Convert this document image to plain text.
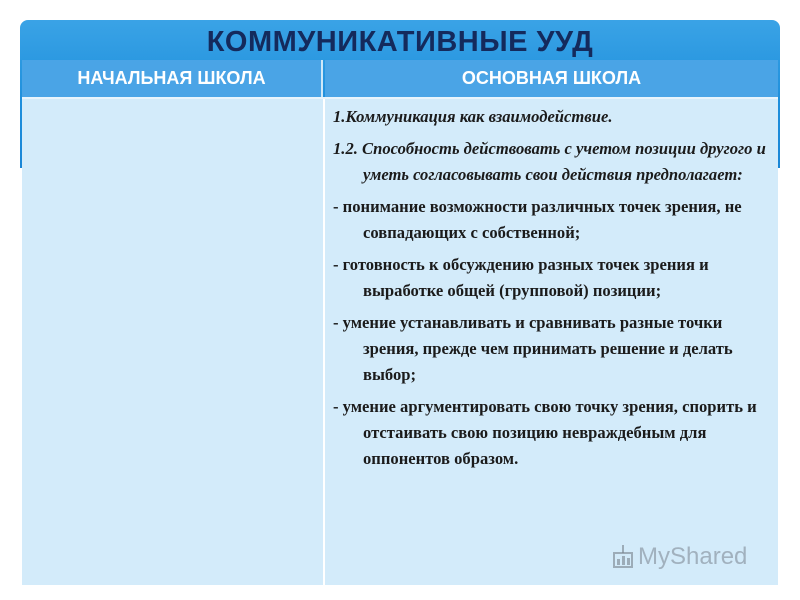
КОММУНИКАТИВНЫЕ УУД
НАЧАЛЬНАЯ ШКОЛА	ОСНОВНАЯ ШКОЛА

1.Коммуникация как взаимодействие.

1.2. Способность действовать с учетом позиции другого и уметь согласовывать свои действия предполагает:

- понимание возможности различных точек зрения, не совпадающих с собственной;

- готовность к обсуждению разных точек зрения и выработке общей (групповой) позиции;

- умение устанавливать и сравнивать разные точки зрения, прежде чем принимать решение и делать выбор;

- умение аргументировать свою точку зрения, спорить и отстаивать свою позицию невраждебным для оппонентов образом.

MyShared
